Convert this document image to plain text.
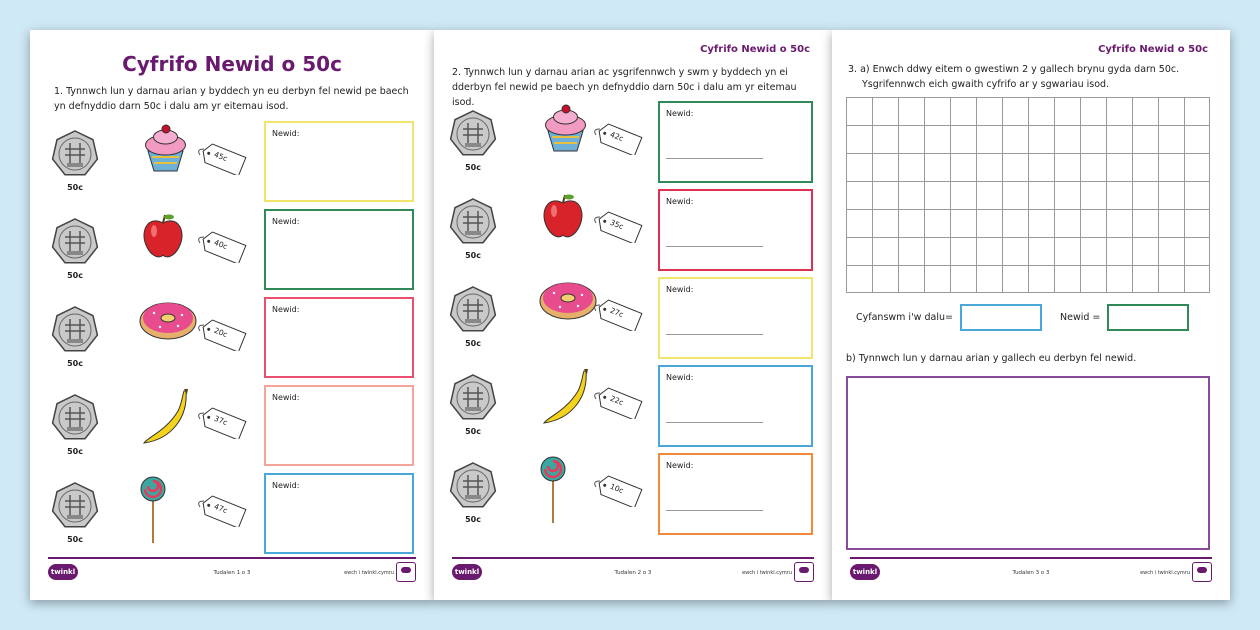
Cyfrifo Newid o 50c
1. Tynnwch lun y darnau arian y byddech yn eu derbyn fel newid pe baech yn defnyddio darn 50c i dalu am yr eitemau isod.
50c
45c
Newid:
50c
40c
Newid:
50c
20c
Newid:
50c
37c
Newid:
50c
47c
Newid:
twinkl	Tudalen 1 o 3	ewch i twinkl.cymru
Cyfrifo Newid o 50c
2. Tynnwch lun y darnau arian ac ysgrifennwch y swm y byddech yn ei dderbyn fel newid pe baech yn defnyddio darn 50c i dalu am yr eitemau isod.
50c
42c
Newid:
50c
35c
Newid:
50c
27c
Newid:
50c
22c
Newid:
50c
10c
Newid:
twinkl	Tudalen 2 o 3	ewch i twinkl.cymru
Cyfrifo Newid o 50c
3. a) Enwch ddwy eitem o gwestiwn 2 y gallech brynu gyda darn 50c.
Ysgrifennwch eich gwaith cyfrifo ar y sgwariau isod.
Cyfanswm i'w dalu=	Newid =
b) Tynnwch lun y darnau arian y gallech eu derbyn fel newid.
twinkl	Tudalen 3 o 3	ewch i twinkl.cymru
